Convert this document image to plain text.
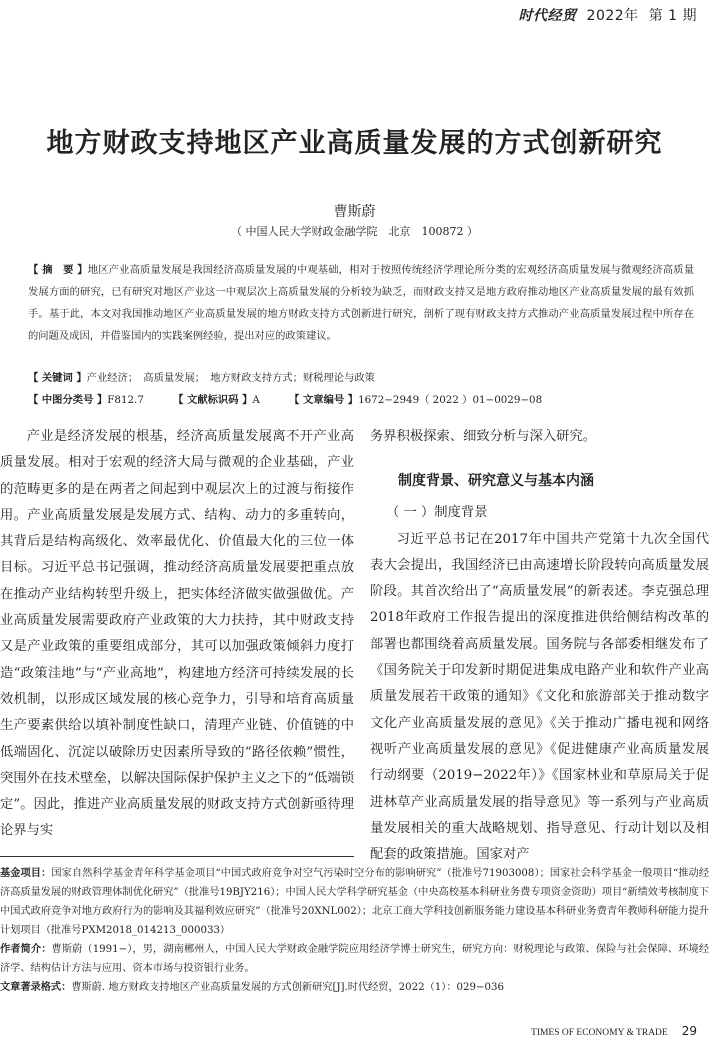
时代经贸 2022年 第 1 期
地方财政支持地区产业高质量发展的方式创新研究
曹斯蔚
（ 中国人民大学财政金融学院　北京　100872 ）
【 摘　要 】地区产业高质量发展是我国经济高质量发展的中观基础，相对于按照传统经济学理论所分类的宏观经济高质量发展与微观经济高质量发展方面的研究，已有研究对地区产业这一中观层次上高质量发展的分析较为缺乏，而财政支持又是地方政府推动地区产业高质量发展的最有效抓手。基于此，本文对我国推动地区产业高质量发展的地方财政支持方式创新进行研究，剖析了现有财政支持方式推动产业高质量发展过程中所存在的问题及成因，并借鉴国内的实践案例经验，提出对应的政策建议。
【 关键词 】产业经济；　高质量发展；　地方财政支持方式；财税理论与政策
【 中图分类号 】F812.7	【 文献标识码 】A	【 文章编号 】1672−2949（ 2022 ）01−0029−08

产业是经济发展的根基，经济高质量发展离不开产业高质量发展。相对于宏观的经济大局与微观的企业基础，产业的范畴更多的是在两者之间起到中观层次上的过渡与衔接作用。产业高质量发展是发展方式、结构、动力的多重转向，其背后是结构高级化、效率最优化、价值最大化的三位一体目标。习近平总书记强调，推动经济高质量发展要把重点放在推动产业结构转型升级上，把实体经济做实做强做优。产业高质量发展需要政府产业政策的大力扶持，其中财政支持又是产业政策的重要组成部分，其可以加强政策倾斜力度打造“政策洼地”与“产业高地”，构建地方经济可持续发展的长效机制，以形成区域发展的核心竞争力，引导和培育高质量生产要素供给以填补制度性缺口，清理产业链、价值链的中低端固化、沉淀以破除历史因素所导致的“路径依赖”惯性，突围外在技术壁垒，以解决国际保护保护主义之下的“低端锁定”。因此，推进产业高质量发展的财政支持方式创新亟待理论界与实

务界积极探索、细致分析与深入研究。

制度背景、研究意义与基本内涵

（ 一 ）制度背景

习近平总书记在2017年中国共产党第十九次全国代表大会提出，我国经济已由高速增长阶段转向高质量发展阶段。其首次给出了“高质量发展”的新表述。李克强总理2018年政府工作报告提出的深度推进供给侧结构改革的部署也都围绕着高质量发展。国务院与各部委相继发布了《国务院关于印发新时期促进集成电路产业和软件产业高质量发展若干政策的通知》《文化和旅游部关于推动数字文化产业高质量发展的意见》《关于推动广播电视和网络视听产业高质量发展的意见》《促进健康产业高质量发展行动纲要（2019−2022年）》《国家林业和草原局关于促进林草产业高质量发展的指导意见》等一系列与产业高质量发展相关的重大战略规划、指导意见、行动计划以及相配套的政策措施。国家对产

基金项目：国家自然科学基金青年科学基金项目“中国式政府竞争对空气污染时空分布的影响研究”（批准号71903008）；国家社会科学基金一般项目“推动经济高质量发展的财政管理体制优化研究”（批准号19BJY216）；中国人民大学科学研究基金（中央高校基本科研业务费专项资金资助）项目“新绩效考核制度下中国式政府竞争对地方政府行为的影响及其福利效应研究”（批准号20XNL002）；北京工商大学科技创新服务能力建设基本科研业务费青年教师科研能力提升计划项目（批准号PXM2018_014213_000033）

作者简介：曹斯蔚（1991−），男，湖南郴州人，中国人民大学财政金融学院应用经济学博士研究生，研究方向：财税理论与政策、保险与社会保障、环境经济学、结构估计方法与应用、资本市场与投资银行业务。

文章著录格式：曹斯蔚. 地方财政支持地区产业高质量发展的方式创新研究[J].时代经贸，2022（1）：029−036

TIMES OF ECONOMY & TRADE 29
